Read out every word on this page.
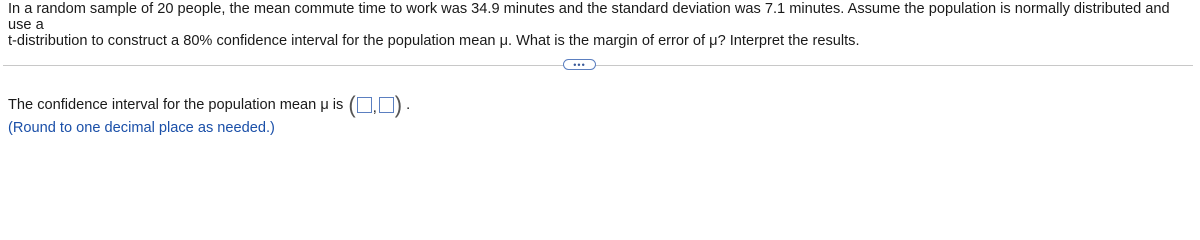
In a random sample of 20 people, the mean commute time to work was 34.9 minutes and the standard deviation was 7.1 minutes. Assume the population is normally distributed and use a
t-distribution to construct a 80% confidence interval for the population mean μ. What is the margin of error of μ? Interpret the results.
•••
The confidence interval for the population mean μ is
( , ) .
(Round to one decimal place as needed.)
